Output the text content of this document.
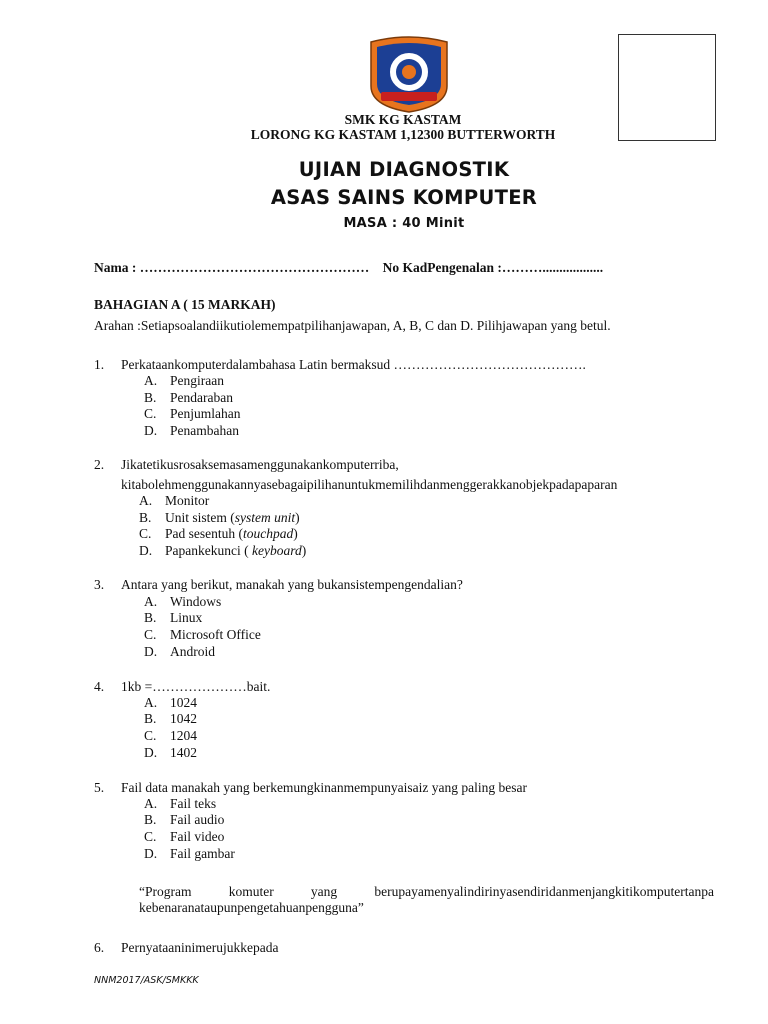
SMK KG KASTAM
LORONG KG KASTAM 1,12300 BUTTERWORTH
UJIAN DIAGNOSTIK
ASAS SAINS KOMPUTER
MASA : 40 Minit
Nama : …………………………………………… No KadPengenalan :………..................
BAHAGIAN A ( 15 MARKAH)
Arahan :Setiapsoalandiikutiolemempatpilihanjawapan, A, B, C dan D. Pilihjawapan yang betul.
1. Perkataankomputerdalambahasa Latin bermaksud …………………………………….
A. Pengiraan
B.	Pendaraban
C.	Penjumlahan
D. Penambahan
2. Jikatetikusrosaksemasamenggunakankomputerriba,
kitabolehmenggunakannyasebagaipilihanuntukmemilihdanmenggerakkanobjekpadapaparan
A. Monitor
B.	Unit sistem (system unit)
C.	Pad sesentuh (touchpad)
D. Papankekunci ( keyboard)
3. Antara yang berikut, manakah yang bukansistempengendalian?
A. Windows
B.	Linux
C.	Microsoft Office
D. Android
4. 1kb =…………………bait.
A. 1024
B.	1042
C.	1204
D. 1402
5. Fail data manakah yang berkemungkinanmempunyaisaiz yang paling besar
A. Fail teks
B.	Fail audio
C.	Fail video
D. Fail gambar
“Program komuter yang berupayamenyalindirinyasendiridanmenjangkitikomputertanpa kebenaranataupunpengetahuanpengguna”
6. Pernyataaninimerujukkepada
NNM2017/ASK/SMKKK
